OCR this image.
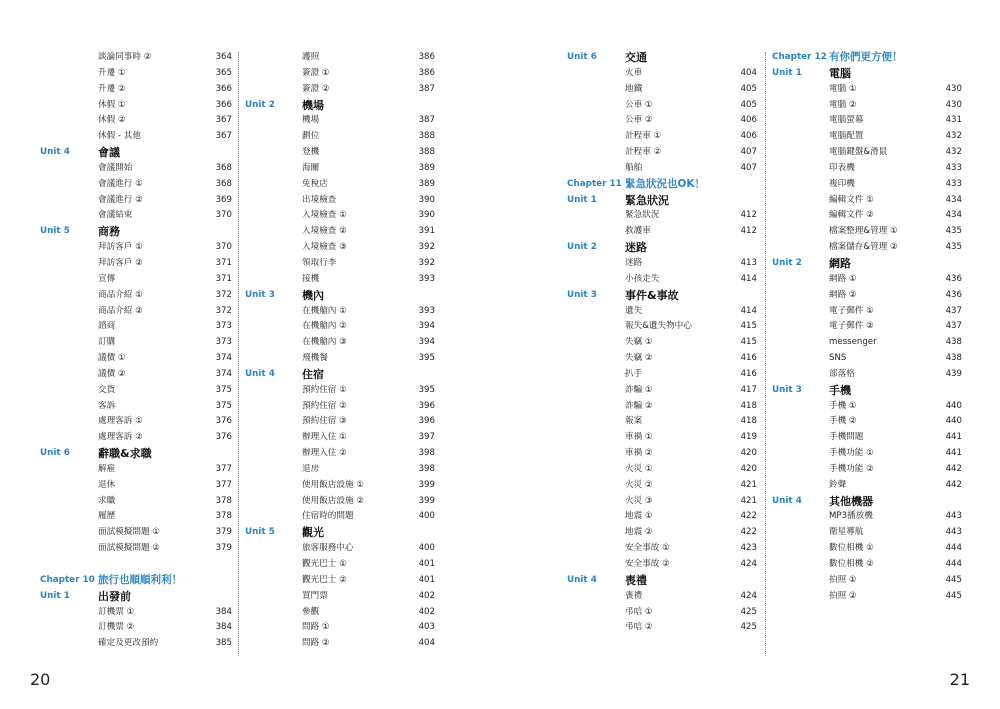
談論同事時 ②	364
升遷 ①	365
升遷 ②	366
休假 ①	366
休假 ②	367
休假 - 其他	367
Unit 4	會議
會議開始	368
會議進行 ①	368
會議進行 ②	369
會議結束	370
Unit 5	商務
拜訪客戶 ①	370
拜訪客戶 ②	371
宣傳	371
商品介紹 ①	372
商品介紹 ②	372
諮商	373
訂購	373
議價 ①	374
議價 ②	374
交貨	375
客訴	375
處理客訴 ①	376
處理客訴 ②	376
Unit 6	辭職&求職
解雇	377
退休	377
求職	378
履歷	378
面試模擬問題 ①	379
面試模擬問題 ②	379
Chapter 10 旅行也順順利利！
Unit 1	出發前
訂機票 ①	384
訂機票 ②	384
確定及更改預約	385
護照	386
簽證 ①	386
簽證 ②	387
Unit 2 機場
機場	387
劃位	388
登機	388
海關	389
免稅店	389
出境檢查	390
入境檢查 ①	390
入境檢查 ②	391
入境檢查 ③	392
領取行李	392
接機	393
Unit 3 機內
在機艙內 ①	393
在機艙內 ②	394
在機艙內 ③	394
飛機餐	395
Unit 4 住宿
預約住宿 ①	395
預約住宿 ②	396
預約住宿 ③	396
辦理入住 ①	397
辦理入住 ②	398
退房	398
使用飯店設施 ①	399
使用飯店設施 ②	399
住宿時的問題	400
Unit 5 觀光
旅客服務中心	400
觀光巴士 ①	401
觀光巴士 ②	401
買門票	402
參觀	402
問路 ①	403
問路 ②	404
Unit 6	交通
火車	404
地鐵	405
公車 ①	405
公車 ②	406
計程車 ①	406
計程車 ②	407
船舶	407
Chapter 11 緊急狀況也OK！
Unit 1	緊急狀況
緊急狀況	412
救護車	412
Unit 2	迷路
迷路	413
小孩走失	414
Unit 3	事件&事故
遺失	414
報失&遺失物中心	415
失竊 ①	415
失竊 ②	416
扒手	416
詐騙 ①	417
詐騙 ②	418
報案	418
車禍 ①	419
車禍 ②	420
火災 ①	420
火災 ②	421
火災 ③	421
地震 ①	422
地震 ②	422
安全事故 ①	423
安全事故 ②	424
Unit 4	喪禮
喪禮	424
弔唁 ①	425
弔唁 ②	425
Chapter 12 有你們更方便！
Unit 1 電腦
電腦 ①	430
電腦 ②	430
電腦螢幕	431
電腦配置	432
電腦鍵盤&滑鼠	432
印表機	433
複印機	433
編輯文件 ①	434
編輯文件 ②	434
檔案整理&管理 ①	435
檔案儲存&管理 ②	435
Unit 2 網路
網路 ①	436
網路 ②	436
電子郵件 ①	437
電子郵件 ②	437
messenger	438
SNS	438
部落格	439
Unit 3 手機
手機 ①	440
手機 ②	440
手機問題	441
手機功能 ①	441
手機功能 ②	442
鈴聲	442
Unit 4 其他機器
MP3播放機	443
衛星導航	443
數位相機 ①	444
數位相機 ②	444
拍照 ①	445
拍照 ②	445
20	21
